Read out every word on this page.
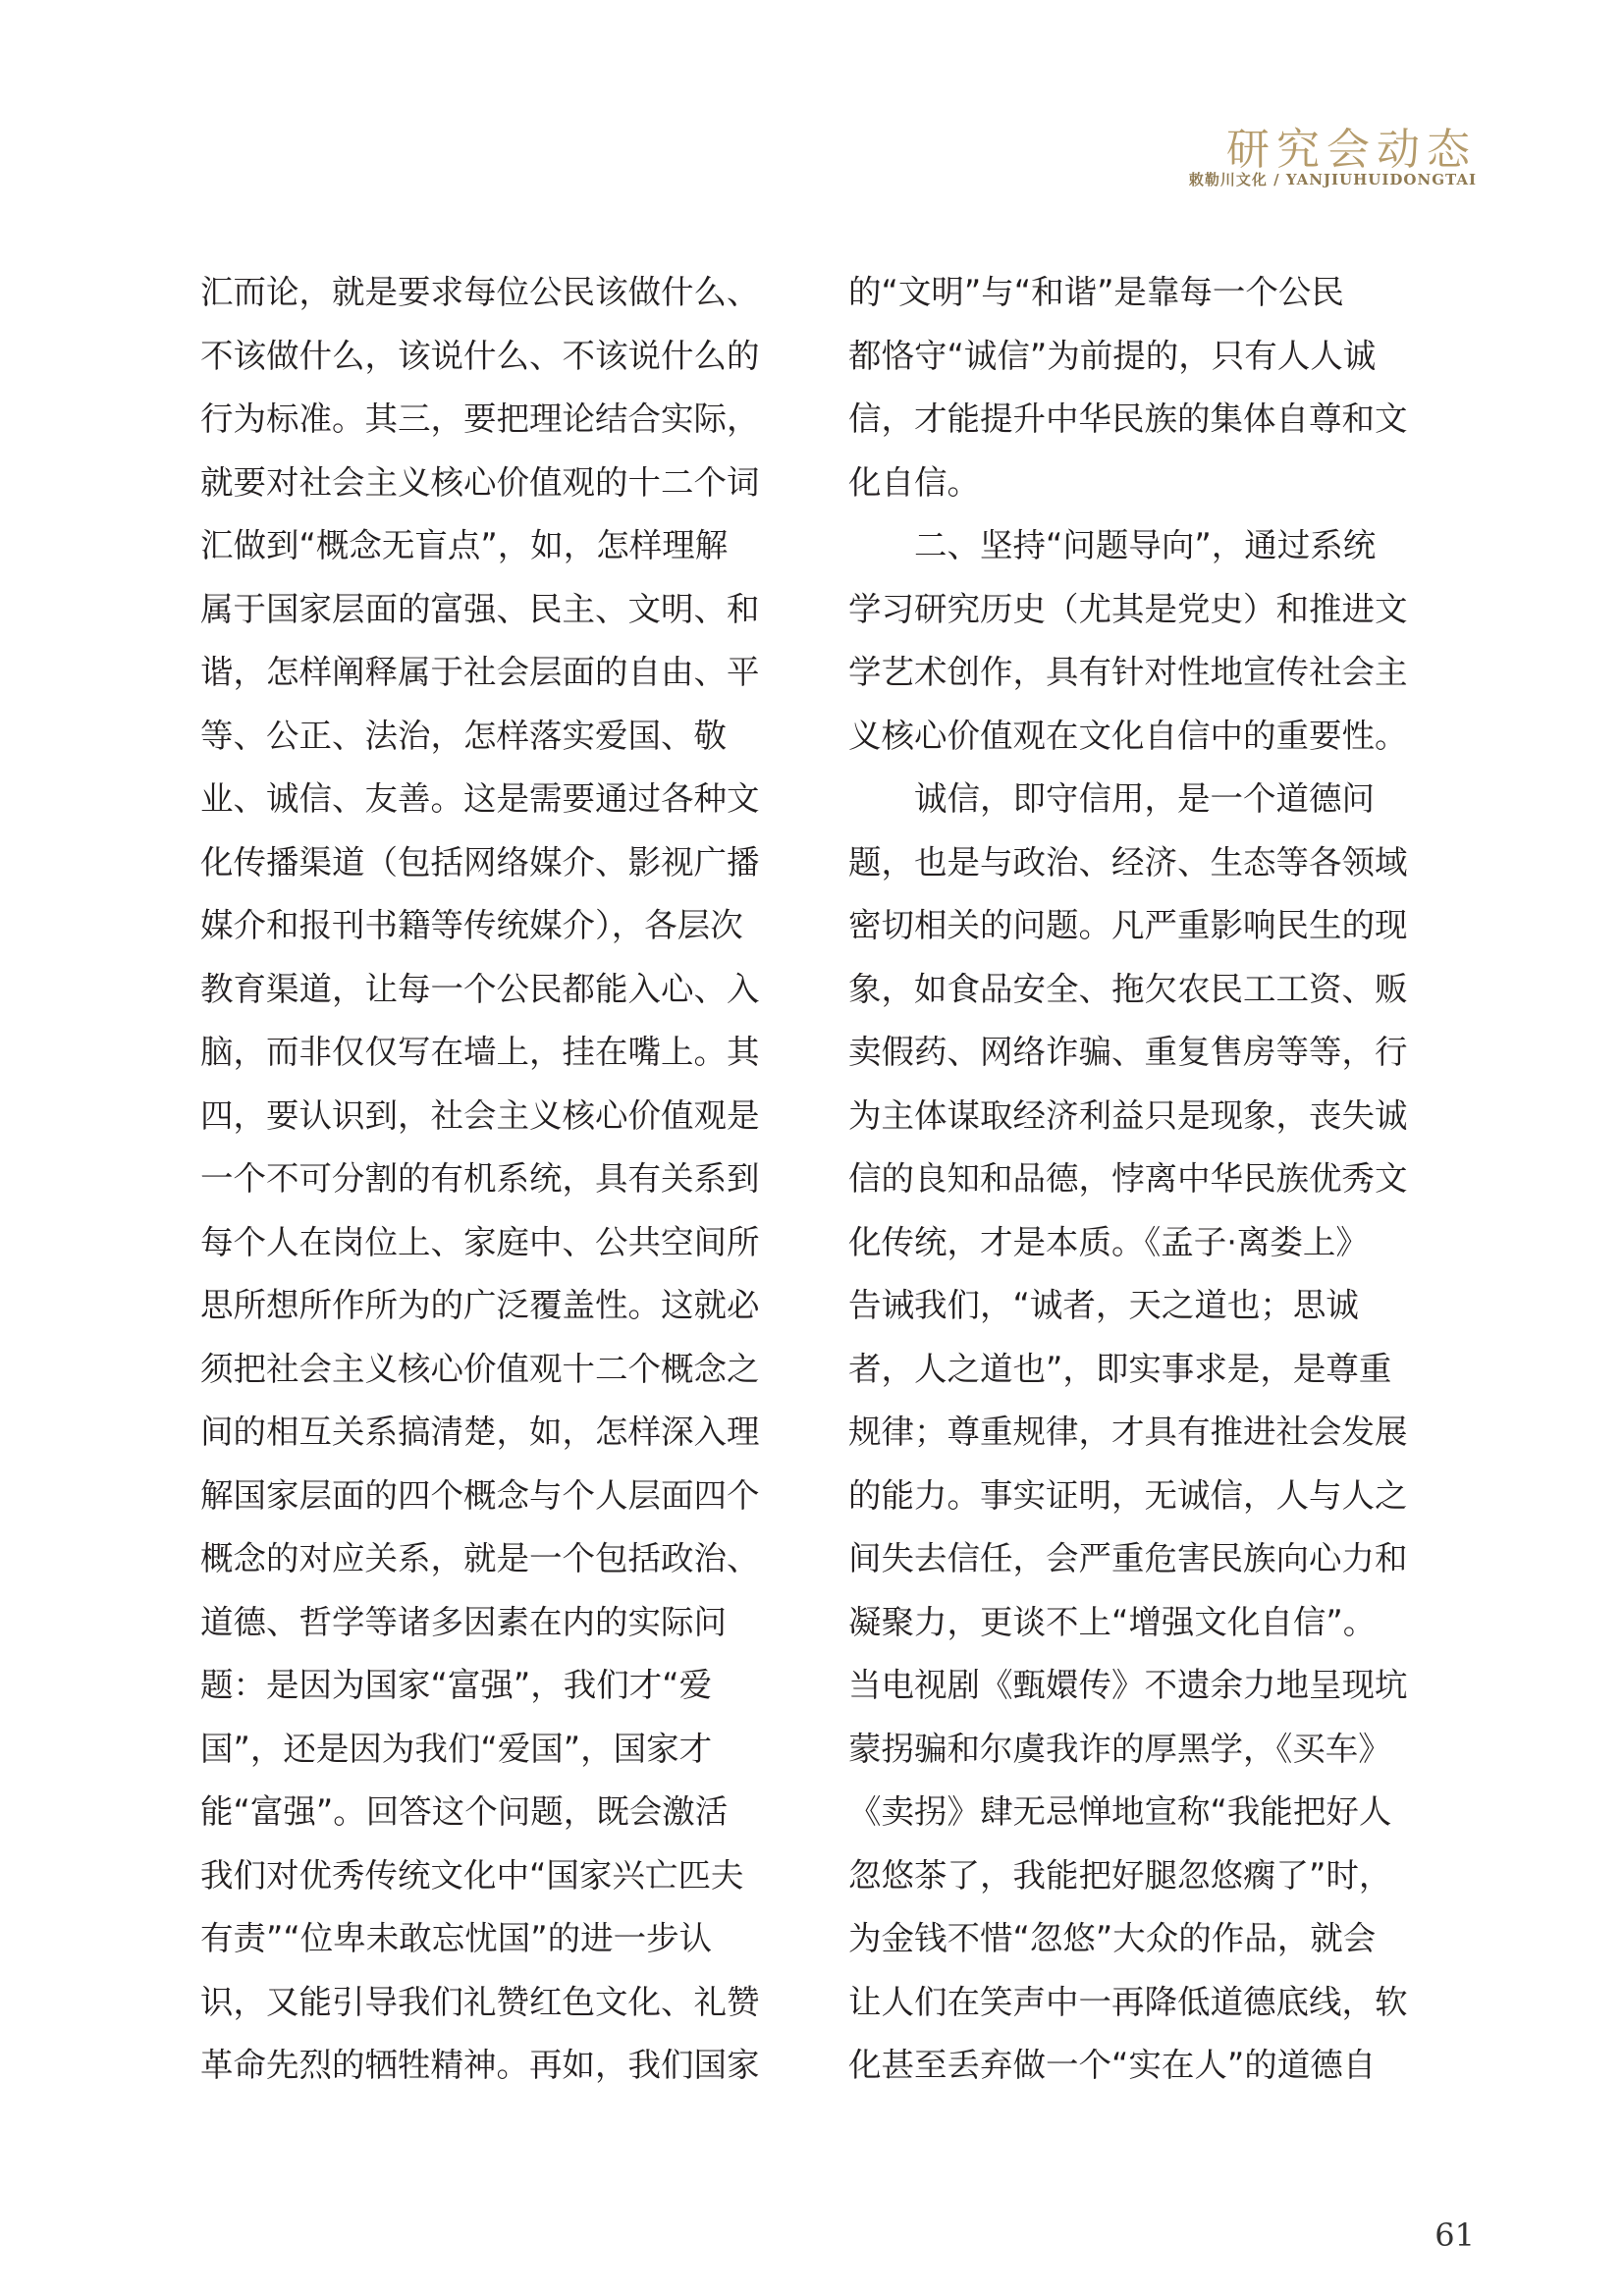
研究会动态
敕勒川文化 / YANJIUHUIDONGTAI
汇而论，就是要求每位公民该做什么、
不该做什么，该说什么、不该说什么的
行为标准。其三，要把理论结合实际，
就要对社会主义核心价值观的十二个词
汇做到“概念无盲点”，如，怎样理解
属于国家层面的富强、民主、文明、和
谐，怎样阐释属于社会层面的自由、平
等、公正、法治，怎样落实爱国、敬
业、诚信、友善。这是需要通过各种文
化传播渠道（包括网络媒介、影视广播
媒介和报刊书籍等传统媒介），各层次
教育渠道，让每一个公民都能入心、入
脑，而非仅仅写在墙上，挂在嘴上。其
四，要认识到，社会主义核心价值观是
一个不可分割的有机系统，具有关系到
每个人在岗位上、家庭中、公共空间所
思所想所作所为的广泛覆盖性。这就必
须把社会主义核心价值观十二个概念之
间的相互关系搞清楚，如，怎样深入理
解国家层面的四个概念与个人层面四个
概念的对应关系，就是一个包括政治、
道德、哲学等诸多因素在内的实际问
题：是因为国家“富强”，我们才“爱
国”，还是因为我们“爱国”，国家才
能“富强”。回答这个问题，既会激活
我们对优秀传统文化中“国家兴亡匹夫
有责”“位卑未敢忘忧国”的进一步认
识，又能引导我们礼赞红色文化、礼赞
革命先烈的牺牲精神。再如，我们国家
的“文明”与“和谐”是靠每一个公民
都恪守“诚信”为前提的，只有人人诚
信，才能提升中华民族的集体自尊和文
化自信。
　　二、坚持“问题导向”，通过系统
学习研究历史（尤其是党史）和推进文
学艺术创作，具有针对性地宣传社会主
义核心价值观在文化自信中的重要性。
　　诚信，即守信用，是一个道德问
题，也是与政治、经济、生态等各领域
密切相关的问题。凡严重影响民生的现
象，如食品安全、拖欠农民工工资、贩
卖假药、网络诈骗、重复售房等等，行
为主体谋取经济利益只是现象，丧失诚
信的良知和品德，悖离中华民族优秀文
化传统，才是本质。《孟子·离娄上》
告诫我们，“诚者，天之道也；思诚
者，人之道也”，即实事求是，是尊重
规律；尊重规律，才具有推进社会发展
的能力。事实证明，无诚信，人与人之
间失去信任，会严重危害民族向心力和
凝聚力，更谈不上“增强文化自信”。
当电视剧《甄嬛传》不遗余力地呈现坑
蒙拐骗和尔虞我诈的厚黑学，《买车》
《卖拐》肆无忌惮地宣称“我能把好人
忽悠茶了，我能把好腿忽悠瘸了”时，
为金钱不惜“忽悠”大众的作品，就会
让人们在笑声中一再降低道德底线，软
化甚至丢弃做一个“实在人”的道德自
61
